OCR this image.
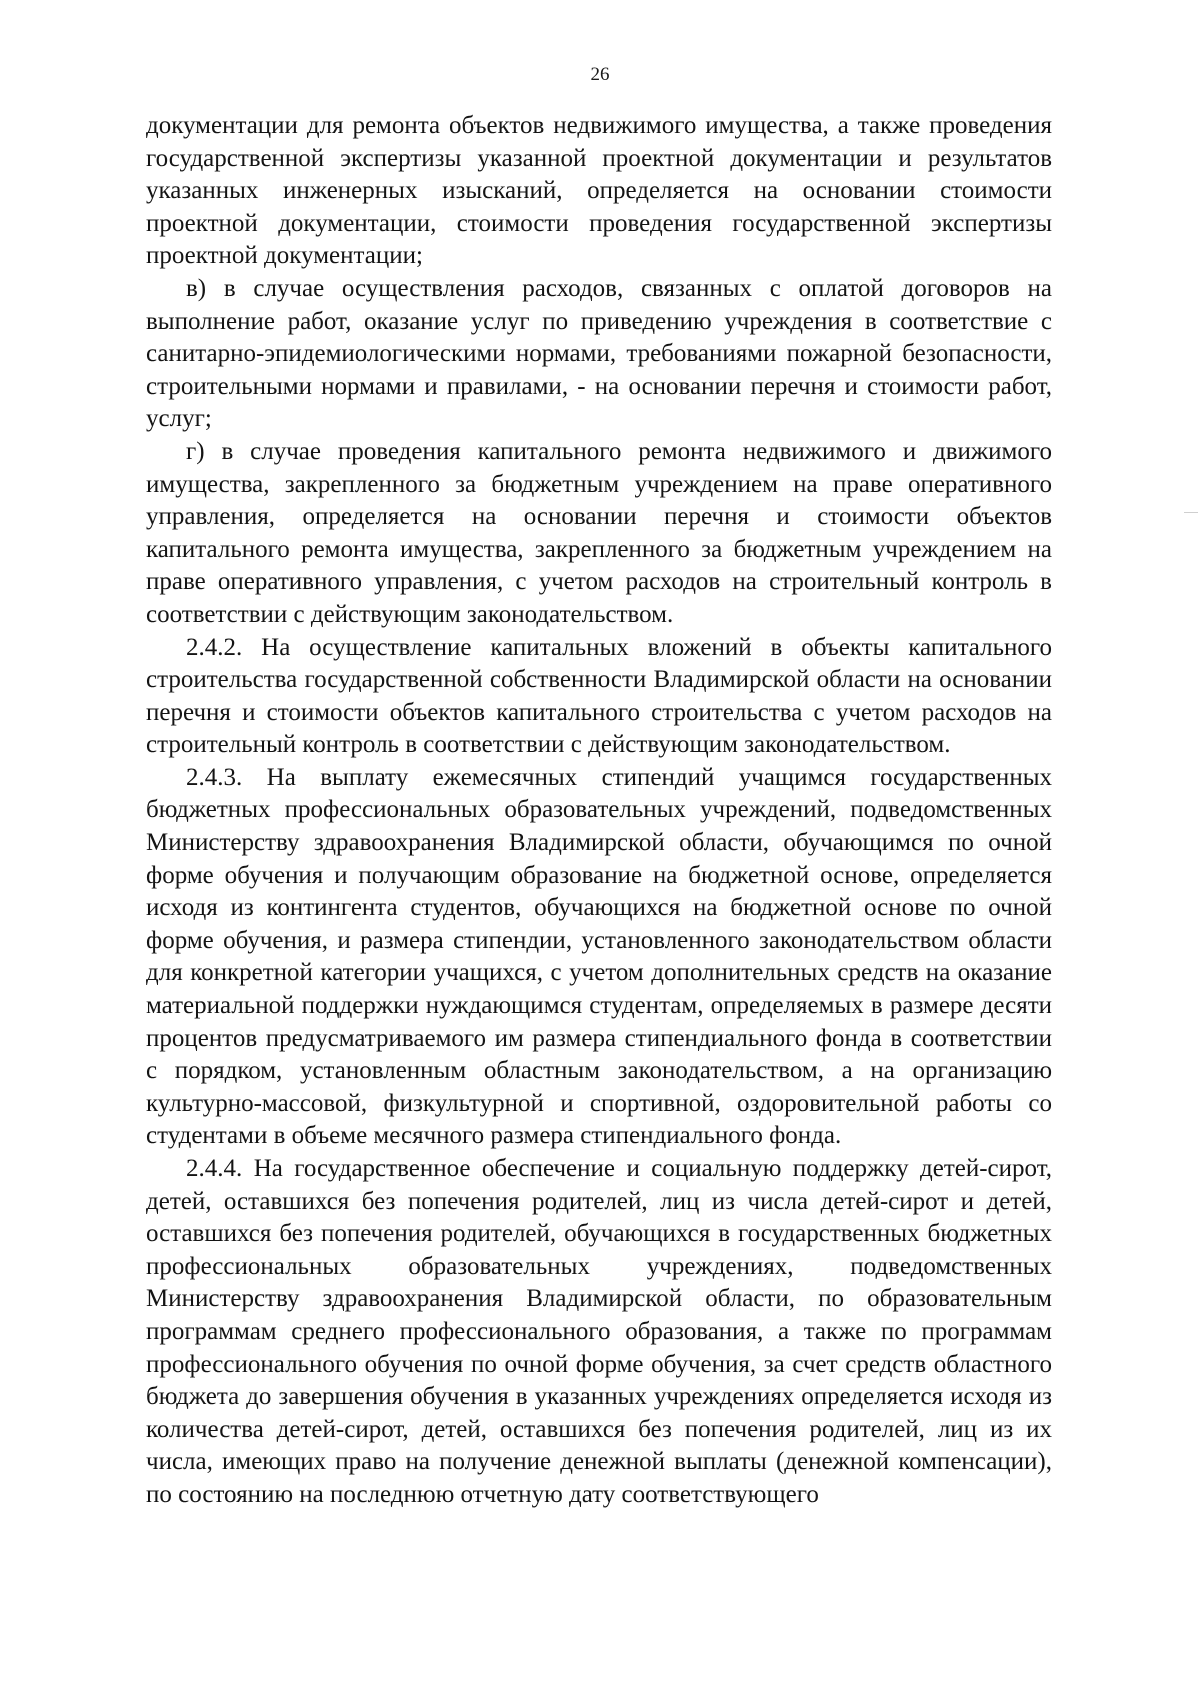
26

документации для ремонта объектов недвижимого имущества, а также проведения государственной экспертизы указанной проектной документации и результатов указанных инженерных изысканий, определяется на основании стоимости проектной документации, стоимости проведения государственной экспертизы проектной документации;

в) в случае осуществления расходов, связанных с оплатой договоров на выполнение работ, оказание услуг по приведению учреждения в соответствие с санитарно-эпидемиологическими нормами, требованиями пожарной безопасности, строительными нормами и правилами, - на основании перечня и стоимости работ, услуг;

г) в случае проведения капитального ремонта недвижимого и движимого имущества, закрепленного за бюджетным учреждением на праве оперативного управления, определяется на основании перечня и стоимости объектов капитального ремонта имущества, закрепленного за бюджетным учреждением на праве оперативного управления, с учетом расходов на строительный контроль в соответствии с действующим законодательством.

2.4.2. На осуществление капитальных вложений в объекты капитального строительства государственной собственности Владимирской области на основании перечня и стоимости объектов капитального строительства с учетом расходов на строительный контроль в соответствии с действующим законодательством.

2.4.3. На выплату ежемесячных стипендий учащимся государственных бюджетных профессиональных образовательных учреждений, подведомственных Министерству здравоохранения Владимирской области, обучающимся по очной форме обучения и получающим образование на бюджетной основе, определяется исходя из контингента студентов, обучающихся на бюджетной основе по очной форме обучения, и размера стипендии, установленного законодательством области для конкретной категории учащихся, с учетом дополнительных средств на оказание материальной поддержки нуждающимся студентам, определяемых в размере десяти процентов предусматриваемого им размера стипендиального фонда в соответствии с порядком, установленным областным законодательством, а на организацию культурно-массовой, физкультурной и спортивной, оздоровительной работы со студентами в объеме месячного размера стипендиального фонда.

2.4.4. На государственное обеспечение и социальную поддержку детей-сирот, детей, оставшихся без попечения родителей, лиц из числа детей-сирот и детей, оставшихся без попечения родителей, обучающихся в государственных бюджетных профессиональных образовательных учреждениях, подведомственных Министерству здравоохранения Владимирской области, по образовательным программам среднего профессионального образования, а также по программам профессионального обучения по очной форме обучения, за счет средств областного бюджета до завершения обучения в указанных учреждениях определяется исходя из количества детей-сирот, детей, оставшихся без попечения родителей, лиц из их числа, имеющих право на получение денежной выплаты (денежной компенсации), по состоянию на последнюю отчетную дату соответствующего
